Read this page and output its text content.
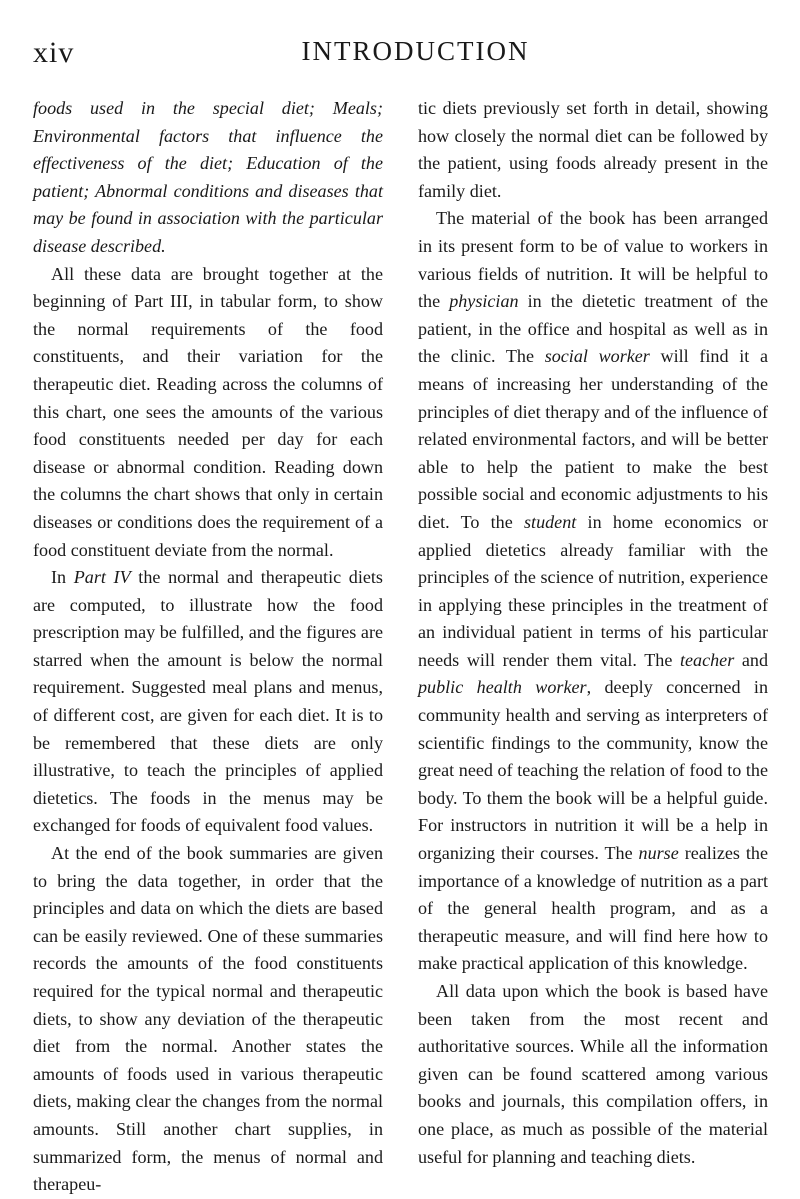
xiv	INTRODUCTION

foods used in the special diet; Meals; Environmental factors that influence the effectiveness of the diet; Education of the patient; Abnormal conditions and diseases that may be found in association with the particular disease described.

All these data are brought together at the beginning of Part III, in tabular form, to show the normal requirements of the food constituents, and their variation for the therapeutic diet. Reading across the columns of this chart, one sees the amounts of the various food constituents needed per day for each disease or abnormal condition. Reading down the columns the chart shows that only in certain diseases or conditions does the requirement of a food constituent deviate from the normal.

In Part IV the normal and therapeutic diets are computed, to illustrate how the food prescription may be fulfilled, and the figures are starred when the amount is below the normal requirement. Suggested meal plans and menus, of different cost, are given for each diet. It is to be remembered that these diets are only illustrative, to teach the principles of applied dietetics. The foods in the menus may be exchanged for foods of equivalent food values.

At the end of the book summaries are given to bring the data together, in order that the principles and data on which the diets are based can be easily reviewed. One of these summaries records the amounts of the food constituents required for the typical normal and therapeutic diets, to show any deviation of the therapeutic diet from the normal. Another states the amounts of foods used in various therapeutic diets, making clear the changes from the normal amounts. Still another chart supplies, in summarized form, the menus of normal and therapeu-

tic diets previously set forth in detail, showing how closely the normal diet can be followed by the patient, using foods already present in the family diet.

The material of the book has been arranged in its present form to be of value to workers in various fields of nutrition. It will be helpful to the physician in the dietetic treatment of the patient, in the office and hospital as well as in the clinic. The social worker will find it a means of increasing her understanding of the principles of diet therapy and of the influence of related environmental factors, and will be better able to help the patient to make the best possible social and economic adjustments to his diet. To the student in home economics or applied dietetics already familiar with the principles of the science of nutrition, experience in applying these principles in the treatment of an individual patient in terms of his particular needs will render them vital. The teacher and public health worker, deeply concerned in community health and serving as interpreters of scientific findings to the community, know the great need of teaching the relation of food to the body. To them the book will be a helpful guide. For instructors in nutrition it will be a help in organizing their courses. The nurse realizes the importance of a knowledge of nutrition as a part of the general health program, and as a therapeutic measure, and will find here how to make practical application of this knowledge.

All data upon which the book is based have been taken from the most recent and authoritative sources. While all the information given can be found scattered among various books and journals, this compilation offers, in one place, as much as possible of the material useful for planning and teaching diets.
